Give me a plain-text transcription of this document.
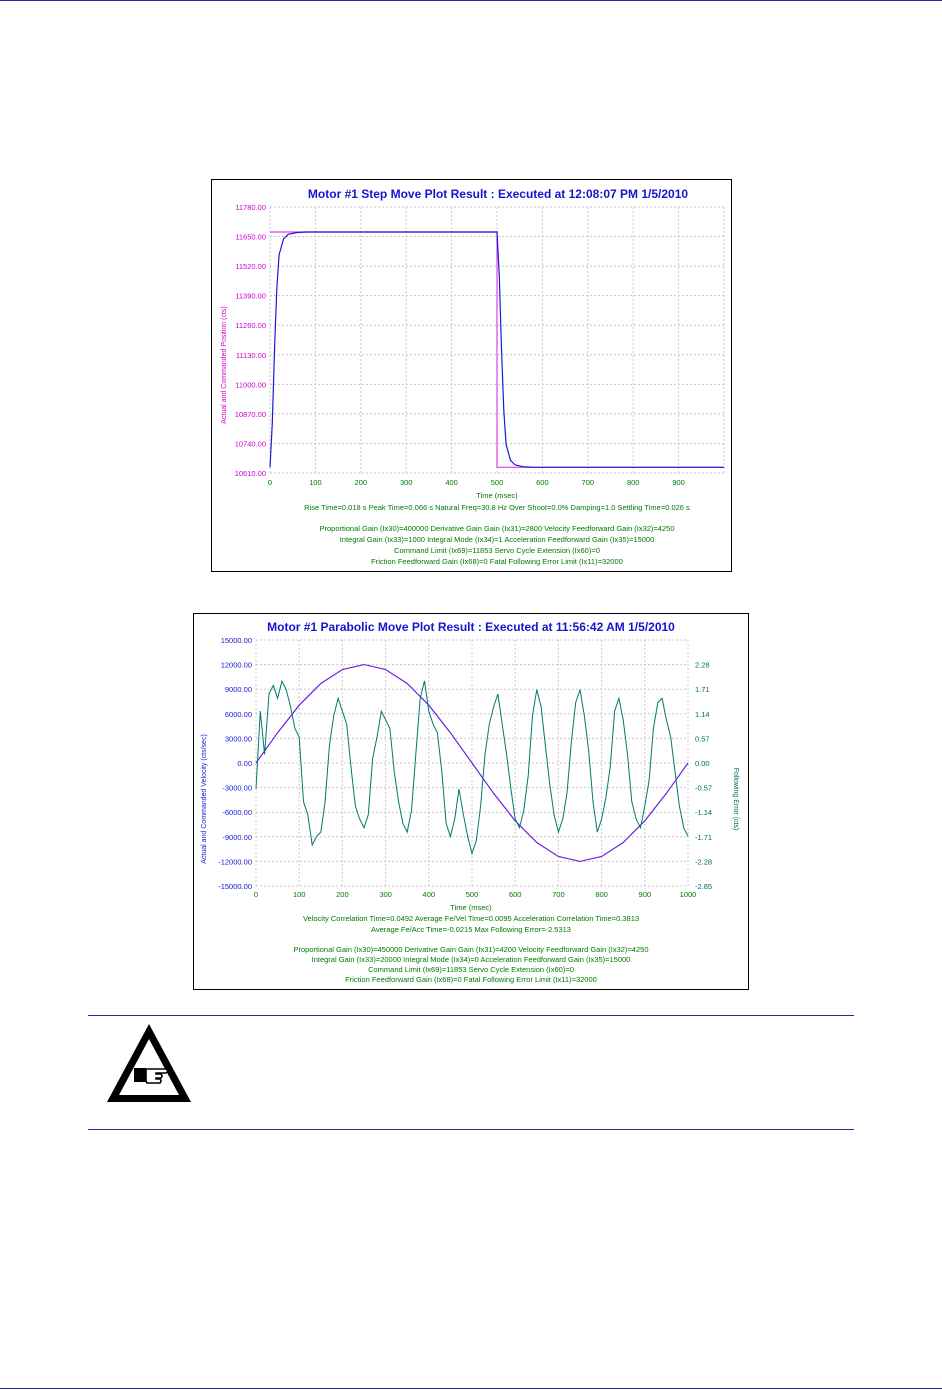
Motor #1 Step Move Plot Result : Executed at 12:08:07 PM 1/5/2010
10610.00
10740.00
10870.00
11000.00
11130.00
11260.00
11390.00
11520.00
11650.00
11780.00
0	100	200	300	400	500	600	700	800	900
Actual and Commanded Position (cts)
Time (msec)
Rise Time=0.018 s Peak Time=0.066 s Natural Freq=30.8 Hz Over Shoot=0.0% Damping=1.0 Settling Time=0.026 s
Proportional Gain (Ix30)=400000 Derivative Gain Gain (Ix31)=2800 Velocity Feedforward Gain (Ix32)=4250
Integral Gain (Ix33)=1000 Integral Mode (Ix34)=1 Acceleration Feedforward Gain (Ix35)=15000
Command Limit (Ix69)=11853 Servo Cycle Extension (Ix60)=0
Friction Feedforward Gain (Ix68)=0 Fatal Following Error Limit (Ix11)=32000
Motor #1 Parabolic Move Plot Result : Executed at 11:56:42 AM 1/5/2010
-15000.00
-12000.00
-9000.00
-6000.00
-3000.00
0.00
3000.00
6000.00
9000.00
12000.00
15000.00
-2.85
-2.28
-1.71
-1.14
-0.57
0.00
0.57
1.14
1.71
2.28
0	100	200	300	400	500	600	700	800	900	1000
Actual and Commanded Velocity (cts/sec)	Following Error (cts)
Time (msec)
Velocity Correlation Time=0.0492 Average Fe/Vel Time=0.0095 Acceleration Correlation Time=0.3813
Average Fe/Acc Time=-0.0215 Max Following Error=-2.5313
Proportional Gain (Ix30)=450000 Derivative Gain Gain (Ix31)=4200 Velocity Feedforward Gain (Ix32)=4250
Integral Gain (Ix33)=20000 Integral Mode (Ix34)=0 Acceleration Feedforward Gain (Ix35)=15000
Command Limit (Ix69)=11853 Servo Cycle Extension (Ix60)=0
Friction Feedforward Gain (Ix68)=0 Fatal Following Error Limit (Ix11)=32000
